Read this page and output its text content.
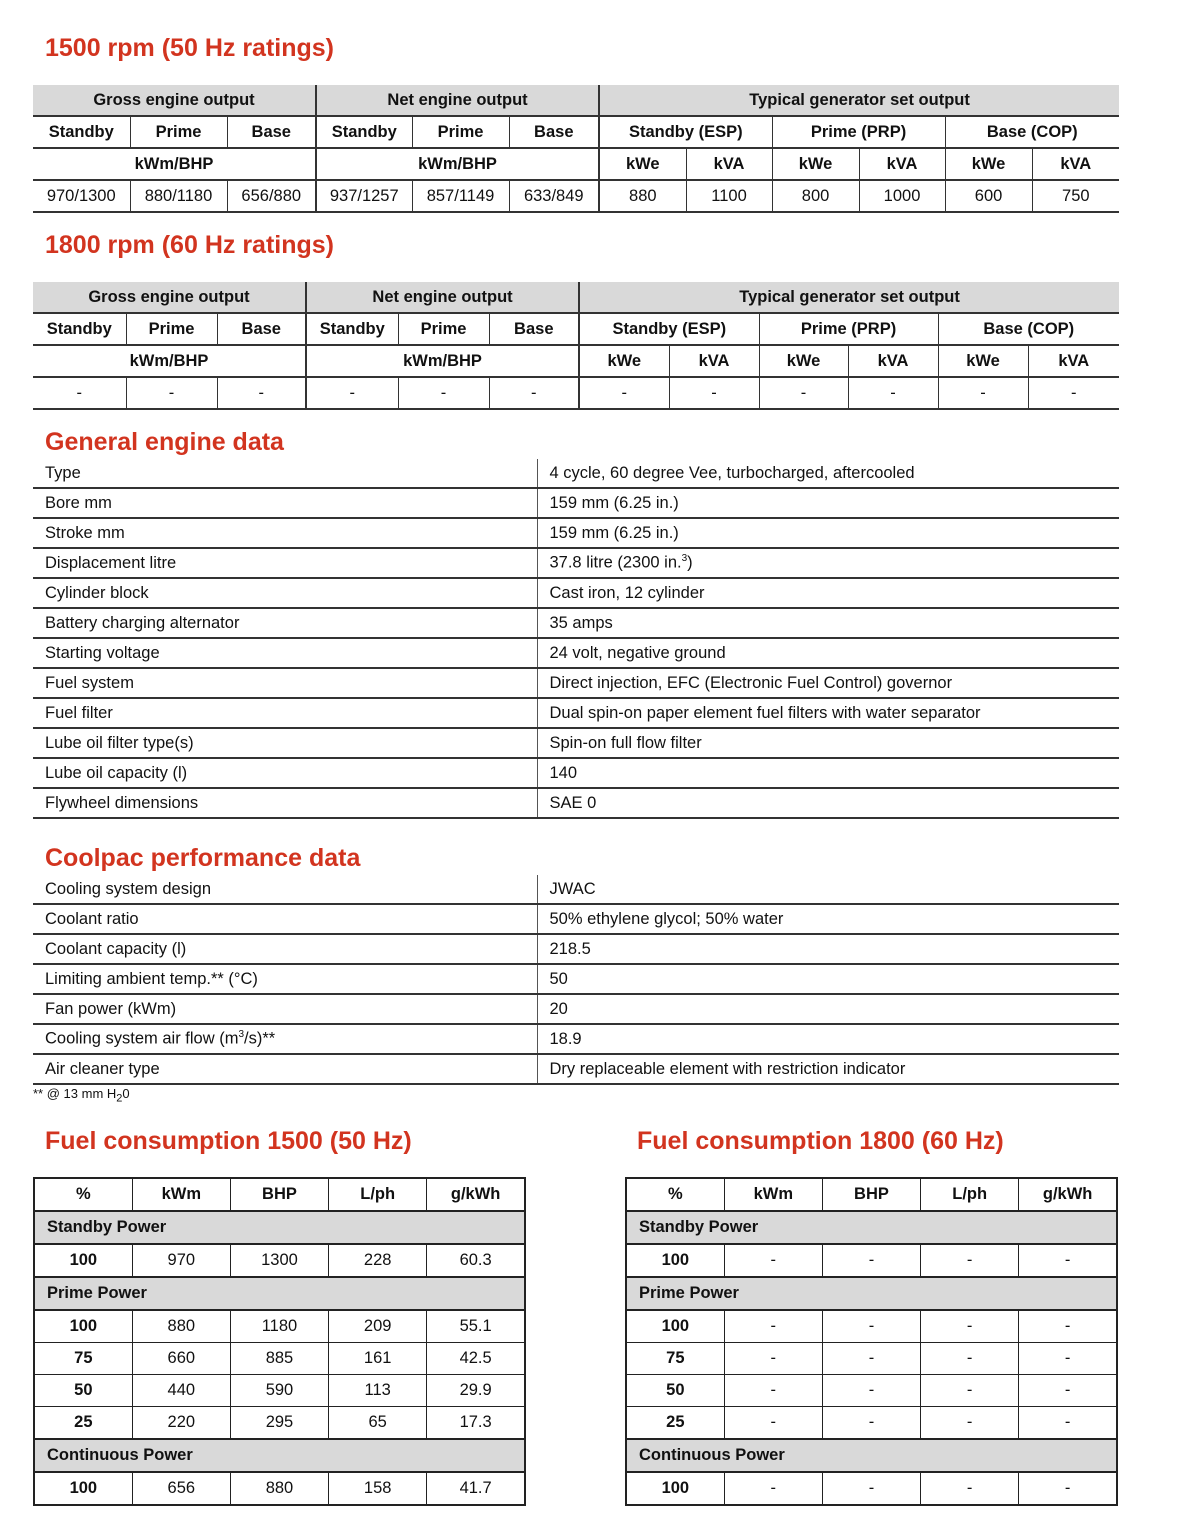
1500 rpm (50 Hz ratings)
Gross engine output			Net engine output			Typical generator set output					
Standby	Prime	Base	Standby	Prime	Base	Standby (ESP)		Prime (PRP)		Base (COP)	
kWm/BHP			kWm/BHP			kWe	kVA	kWe	kVA	kWe	kVA
970/1300	880/1180	656/880	937/1257	857/1149	633/849	880	1100	800	1000	600	750
1800 rpm (60 Hz ratings)
Gross engine output			Net engine output			Typical generator set output					
Standby	Prime	Base	Standby	Prime	Base	Standby (ESP)		Prime (PRP)		Base (COP)	
kWm/BHP			kWm/BHP			kWe	kVA	kWe	kVA	kWe	kVA
-	-	-	-	-	-	-	-	-	-	-	-
General engine data
Type	4 cycle, 60 degree Vee, turbocharged, aftercooled
Bore mm	159 mm (6.25 in.)
Stroke mm	159 mm (6.25 in.)
Displacement litre	37.8 litre (2300 in.$^3$)
Cylinder block	Cast iron, 12 cylinder
Battery charging alternator	35 amps
Starting voltage	24 volt, negative ground
Fuel system	Direct injection, EFC (Electronic Fuel Control) governor
Fuel filter	Dual spin-on paper element fuel filters with water separator
Lube oil filter type(s)	Spin-on full flow filter
Lube oil capacity (l)	140
Flywheel dimensions	SAE 0
Coolpac performance data
Cooling system design	JWAC
Coolant ratio	50% ethylene glycol; 50% water
Coolant capacity (l)	218.5
Limiting ambient temp.** (°C)	50
Fan power (kWm)	20
Cooling system air flow $(m^3/s)**$	18.9
Air cleaner type	Dry replaceable element with restriction indicator
** @ 13 mm $H_20$
Fuel consumption 1500 (50 Hz)
%	kWm	BHP	L/ph	g/kWh
Standby Power				
100	970	1300	228	60.3
Prime Power				
100	880	1180	209	55.1
75	660	885	161	42.5
50	440	590	113	29.9
25	220	295	65	17.3
Continuous Power				
100	656	880	158	41.7
Fuel consumption 1800 (60 Hz)
%	kWm	BHP	L/ph	g/kWh
Standby Power				
100	-	-	-	-
Prime Power				
100	-	-	-	-
75	-	-	-	-
50	-	-	-	-
25	-	-	-	-
Continuous Power				
100	-	-	-	-
